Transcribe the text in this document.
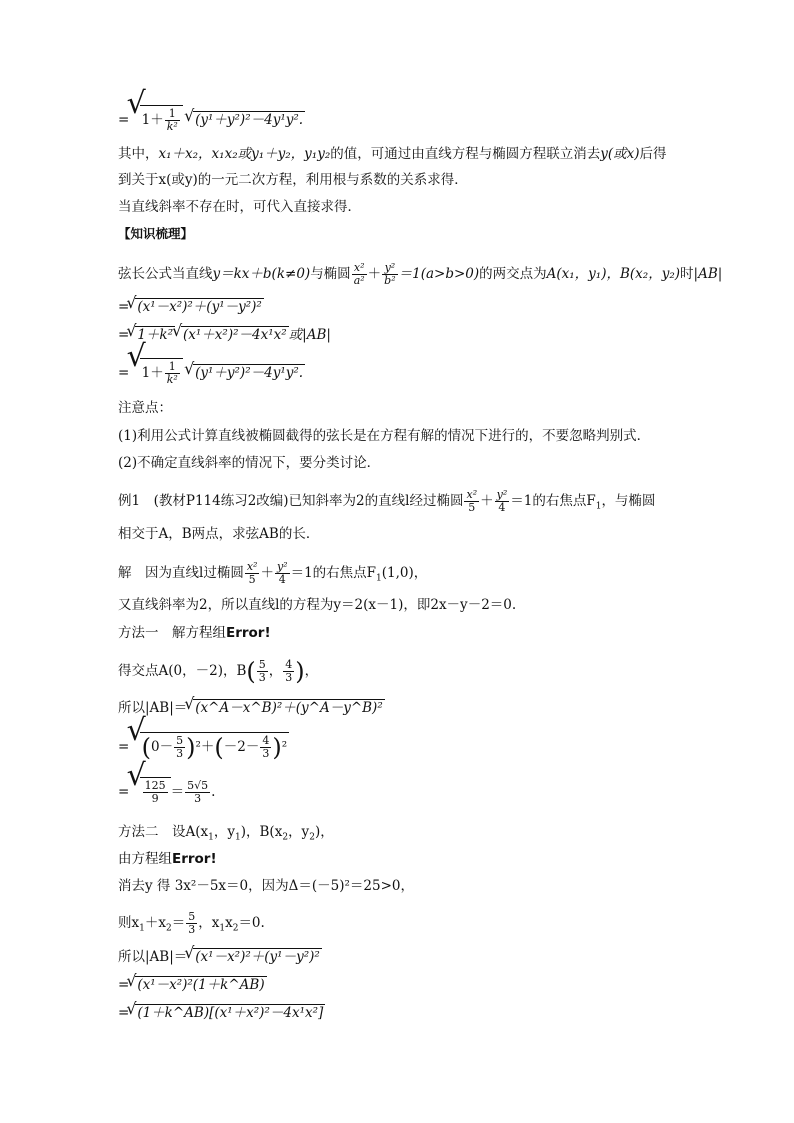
= √ $1+ \frac{1}{\text{k²}}$ √ (y¹＋y²)²－4y¹y².
其中，x₁＋x₂，x₁x₂或y₁＋y₂，y₁y₂的值，可通过由直线方程与椭圆方程联立消去y(或x)后得
到关于x(或y)的一元二次方程，利用根与系数的关系求得．
当直线斜率不存在时，可代入直接求得．
【知识梳理】
弦长公式当直线y＝kx＋b(k≠0)与椭圆 $\frac{\text{x²}}{\text{a²}} + \frac{\text{y²}}{\text{b²}} =1(a>b>0)$的两交点为A(x₁，y₁)，B(x₂，y₂)时|AB|
= √ (x¹－x²)²＋(y¹－y²)²
= √ 1＋k² √ (x¹＋x²)²－4x¹x² 或|AB|
= √ $1+ \frac{1}{\text{k²}}$ √ (y¹＋y²)²－4y¹y².
注意点：
(1)利用公式计算直线被椭圆截得的弦长是在方程有解的情况下进行的，不要忽略判别式．
(2)不确定直线斜率的情况下，要分类讨论．
例1　(教材P114练习2改编)已知斜率为2的直线l经过椭圆 $\frac{\text{x²}}{5} + \frac{\text{y²}}{4} =1$的右焦点$F_1$，与椭圆
相交于A，B两点，求弦AB的长．
解　因为直线l过椭圆 $\frac{\text{x²}}{5} + \frac{\text{y²}}{4} =1$的右焦点$F_1(1,0)$，
又直线斜率为2，所以直线l的方程为y＝2(x－1)，即2x－y－2＝0.
方法一　解方程组Error!
得交点A(0，－2)，$B( \frac{5}{3}$ ， $\frac{4}{3}$ )，
所以|AB|＝ √ (x^A－x^B)²＋(y^A－y^B)²
= √ $(0- \frac{5}{3} )^2+(-2- \frac{4}{3} )^2$
= √ $\frac{125}{9} = \frac{5√5}{3}$ .
方法二　设$A(x_1$，$y_1$)，$B(x_2$，$y_2$)，
由方程组Error!
消去y 得 3x²－5x＝0，因为Δ＝(－5)²＝25>0，
则$x_1+x_2= \frac{5}{3}$ ，$x_1x_2=0$.
所以|AB|＝ √ (x¹－x²)²＋(y¹－y²)²
= √ (x¹－x²)²(1＋k^AB)
= √ (1＋k^AB)[(x¹＋x²)²－4x¹x²]
